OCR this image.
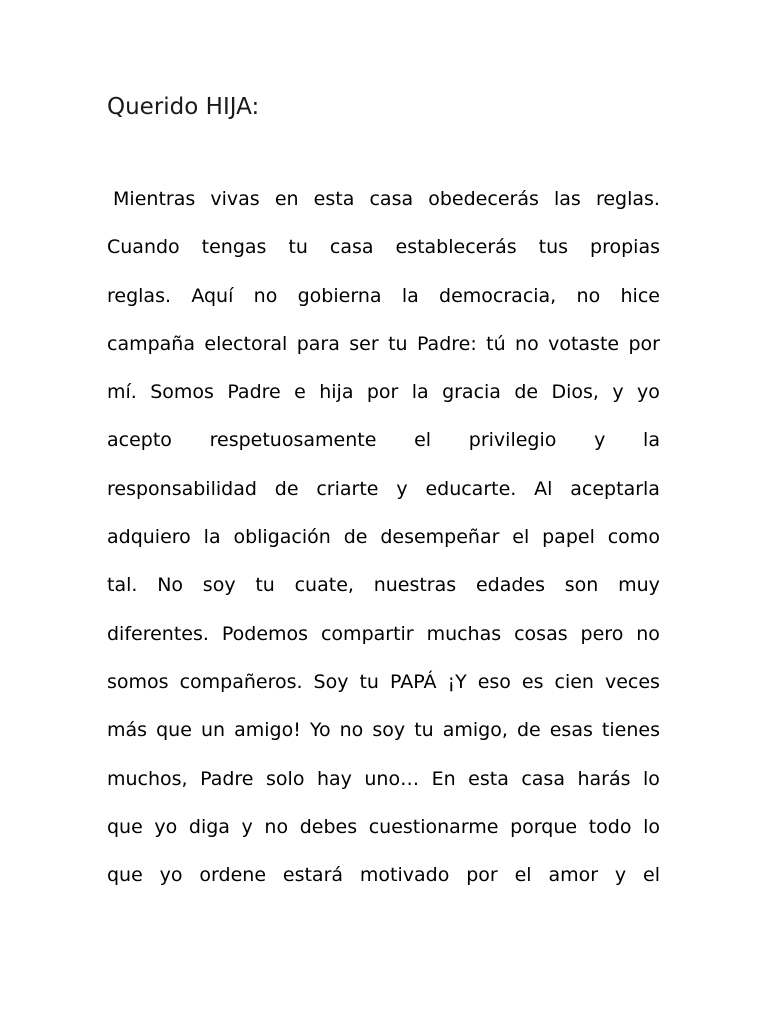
Querido HIJA:
Mientras vivas en esta casa obedecerás las reglas.
Cuando tengas tu casa establecerás tus propias
reglas. Aquí no gobierna la democracia, no hice
campaña electoral para ser tu Padre: tú no votaste por
mí. Somos Padre e hija por la gracia de Dios, y yo
acepto respetuosamente el privilegio y la
responsabilidad de criarte y educarte. Al aceptarla
adquiero la obligación de desempeñar el papel como
tal. No soy tu cuate, nuestras edades son muy
diferentes. Podemos compartir muchas cosas pero no
somos compañeros. Soy tu PAPÁ ¡Y eso es cien veces
más que un amigo! Yo no soy tu amigo, de esas tienes
muchos, Padre solo hay uno… En esta casa harás lo
que yo diga y no debes cuestionarme porque todo lo
que yo ordene estará motivado por el amor y el
